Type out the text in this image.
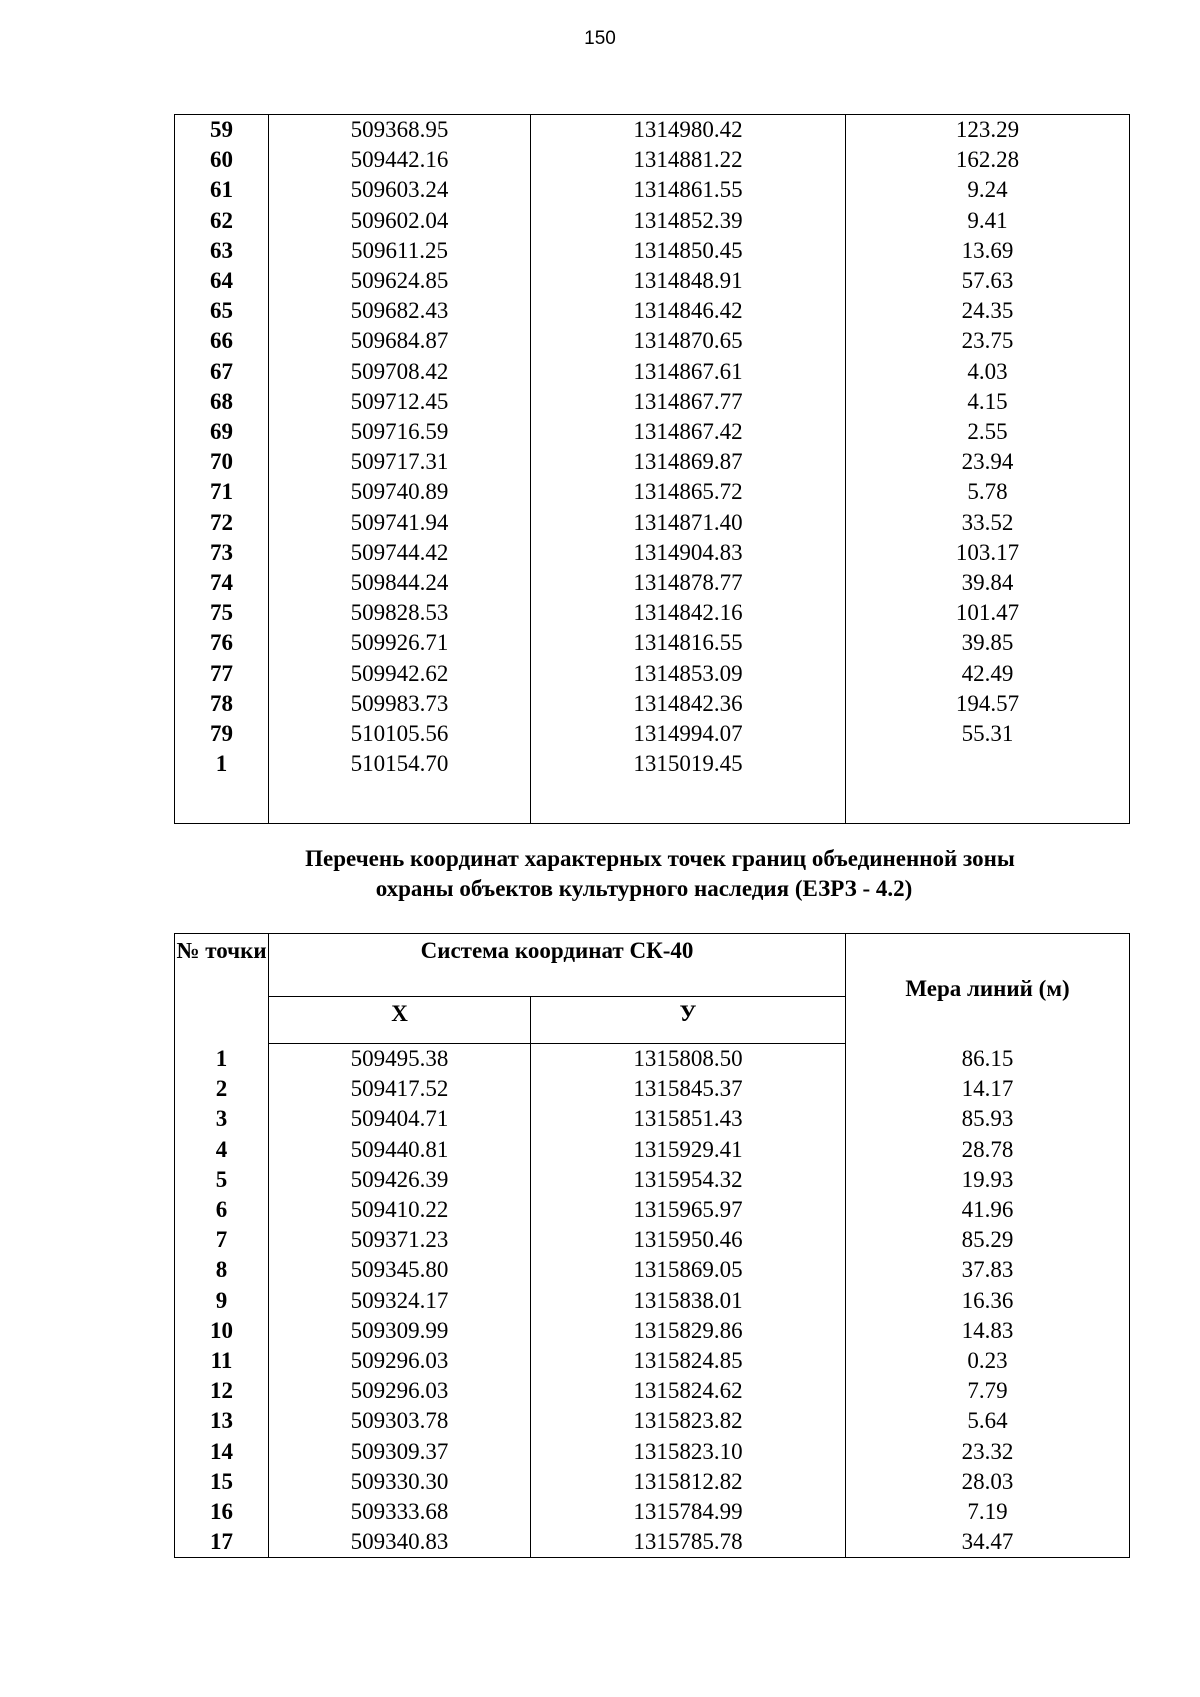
150
59	509368.95	1314980.42	123.29
60	509442.16	1314881.22	162.28
61	509603.24	1314861.55	9.24
62	509602.04	1314852.39	9.41
63	509611.25	1314850.45	13.69
64	509624.85	1314848.91	57.63
65	509682.43	1314846.42	24.35
66	509684.87	1314870.65	23.75
67	509708.42	1314867.61	4.03
68	509712.45	1314867.77	4.15
69	509716.59	1314867.42	2.55
70	509717.31	1314869.87	23.94
71	509740.89	1314865.72	5.78
72	509741.94	1314871.40	33.52
73	509744.42	1314904.83	103.17
74	509844.24	1314878.77	39.84
75	509828.53	1314842.16	101.47
76	509926.71	1314816.55	39.85
77	509942.62	1314853.09	42.49
78	509983.73	1314842.36	194.57
79	510105.56	1314994.07	55.31
1	510154.70	1315019.45	

Перечень координат характерных точек границ объединенной зоны
охраны объектов культурного наследия (ЕЗРЗ - 4.2)
№ точки	Система координат СК-40		Мера линий (м)
	Х	У	
1	509495.38	1315808.50	86.15
2	509417.52	1315845.37	14.17
3	509404.71	1315851.43	85.93
4	509440.81	1315929.41	28.78
5	509426.39	1315954.32	19.93
6	509410.22	1315965.97	41.96
7	509371.23	1315950.46	85.29
8	509345.80	1315869.05	37.83
9	509324.17	1315838.01	16.36
10	509309.99	1315829.86	14.83
11	509296.03	1315824.85	0.23
12	509296.03	1315824.62	7.79
13	509303.78	1315823.82	5.64
14	509309.37	1315823.10	23.32
15	509330.30	1315812.82	28.03
16	509333.68	1315784.99	7.19
17	509340.83	1315785.78	34.47
